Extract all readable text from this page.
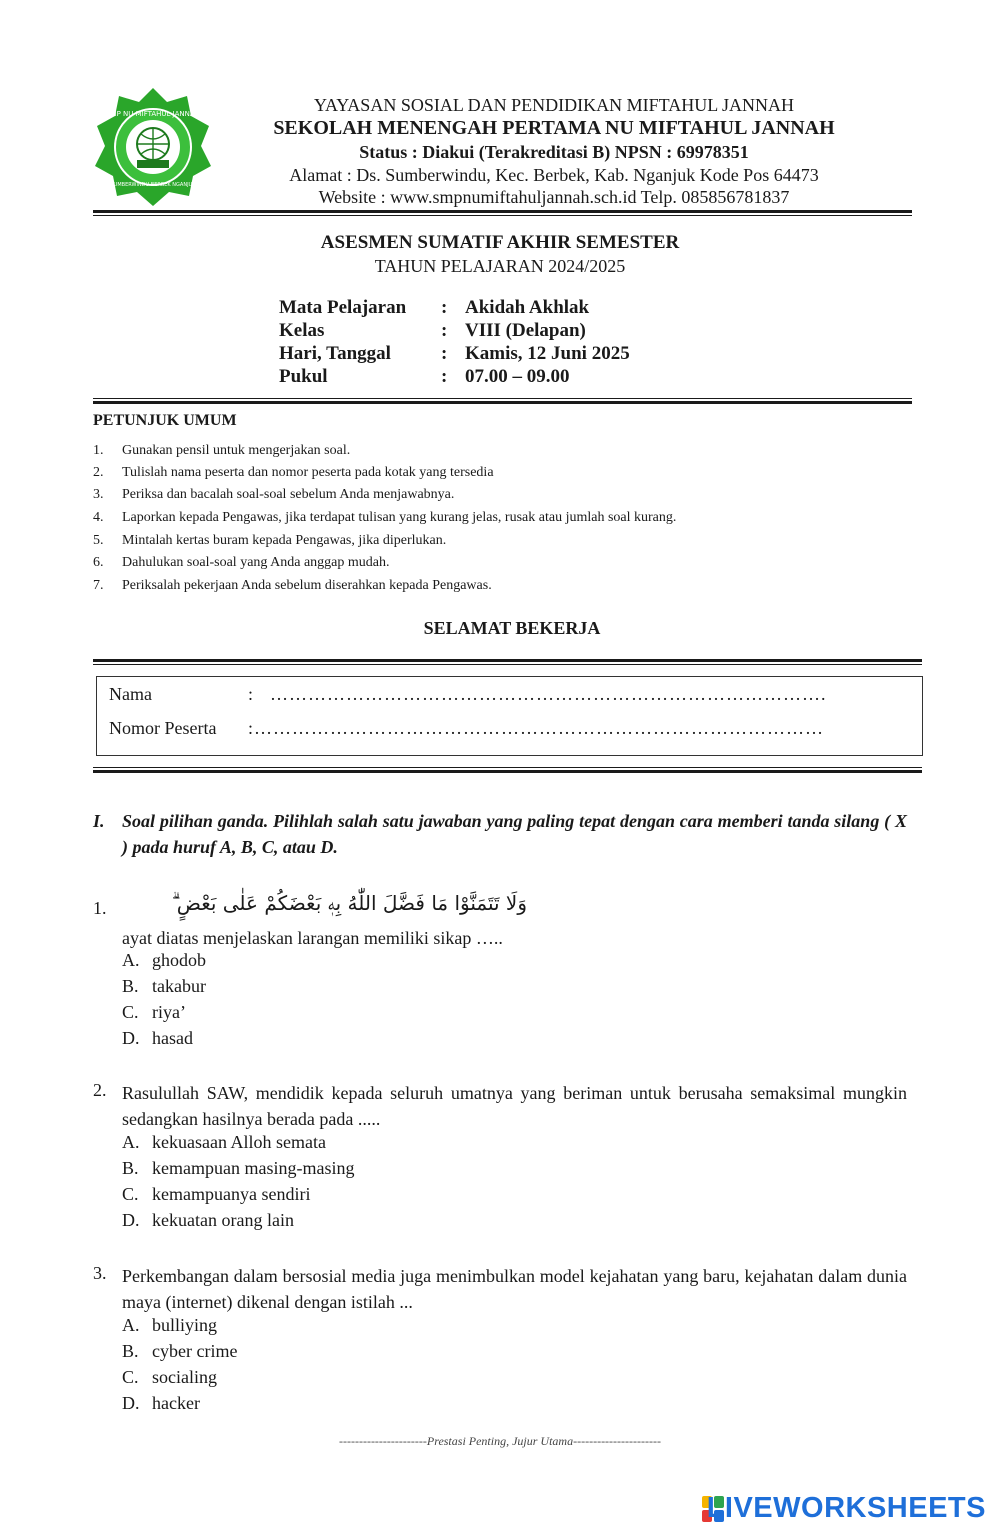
SMP NU MIFTAHUL JANNAH
SUMBERWINDU BERBEK NGANJUK
YAYASAN SOSIAL DAN PENDIDIKAN MIFTAHUL JANNAH
SEKOLAH MENENGAH PERTAMA NU MIFTAHUL JANNAH
Status : Diakui (Terakreditasi B) NPSN : 69978351
Alamat : Ds. Sumberwindu, Kec. Berbek, Kab. Nganjuk Kode Pos 64473
Website : www.smpnumiftahuljannah.sch.id Telp. 085856781837
ASESMEN SUMATIF AKHIR SEMESTER
TAHUN PELAJARAN 2024/2025
Mata Pelajaran : Akidah Akhlak
Kelas	: VIII (Delapan)
Hari, Tanggal	: Kamis, 12 Juni 2025
Pukul	: 07.00 – 09.00
PETUNJUK UMUM
1. Gunakan pensil untuk mengerjakan soal.
2. Tulislah nama peserta dan nomor peserta pada kotak yang tersedia
3. Periksa dan bacalah soal-soal sebelum Anda menjawabnya.
4. Laporkan kepada Pengawas, jika terdapat tulisan yang kurang jelas, rusak atau jumlah soal kurang.
5. Mintalah kertas buram kepada Pengawas, jika diperlukan.
6. Dahulukan soal-soal yang Anda anggap mudah.
7. Periksalah pekerjaan Anda sebelum diserahkan kepada Pengawas.
SELAMAT BEKERJA
Nama	: …………………………………………………………………………….
Nomor Peserta : ………………………………………………………………………………
I. Soal pilihan ganda. Pilihlah salah satu jawaban yang paling tepat dengan cara memberi tanda silang ( X ) pada huruf A, B, C, atau D.
1.	وَلَا تَتَمَنَّوْا مَا فَضَّلَ اللّٰهُ بِهٖ بَعْضَكُمْ عَلٰى بَعْضٍ ۗ
ayat diatas menjelaskan larangan memiliki sikap …..
A. ghodob
B. takabur
C. riya’
D. hasad
2. Rasulullah SAW, mendidik kepada seluruh umatnya yang beriman untuk berusaha semaksimal mungkin sedangkan hasilnya berada pada .....
A. kekuasaan Alloh semata
B. kemampuan masing-masing
C. kemampuanya sendiri
D. kekuatan orang lain
3. Perkembangan dalam bersosial media juga menimbulkan model kejahatan yang baru, kejahatan dalam dunia maya (internet) dikenal dengan istilah ...
A. bulliying
B. cyber crime
C. socialing
D. hacker
----------------------Prestasi Penting, Jujur Utama----------------------
LIVEWORKSHEETS
